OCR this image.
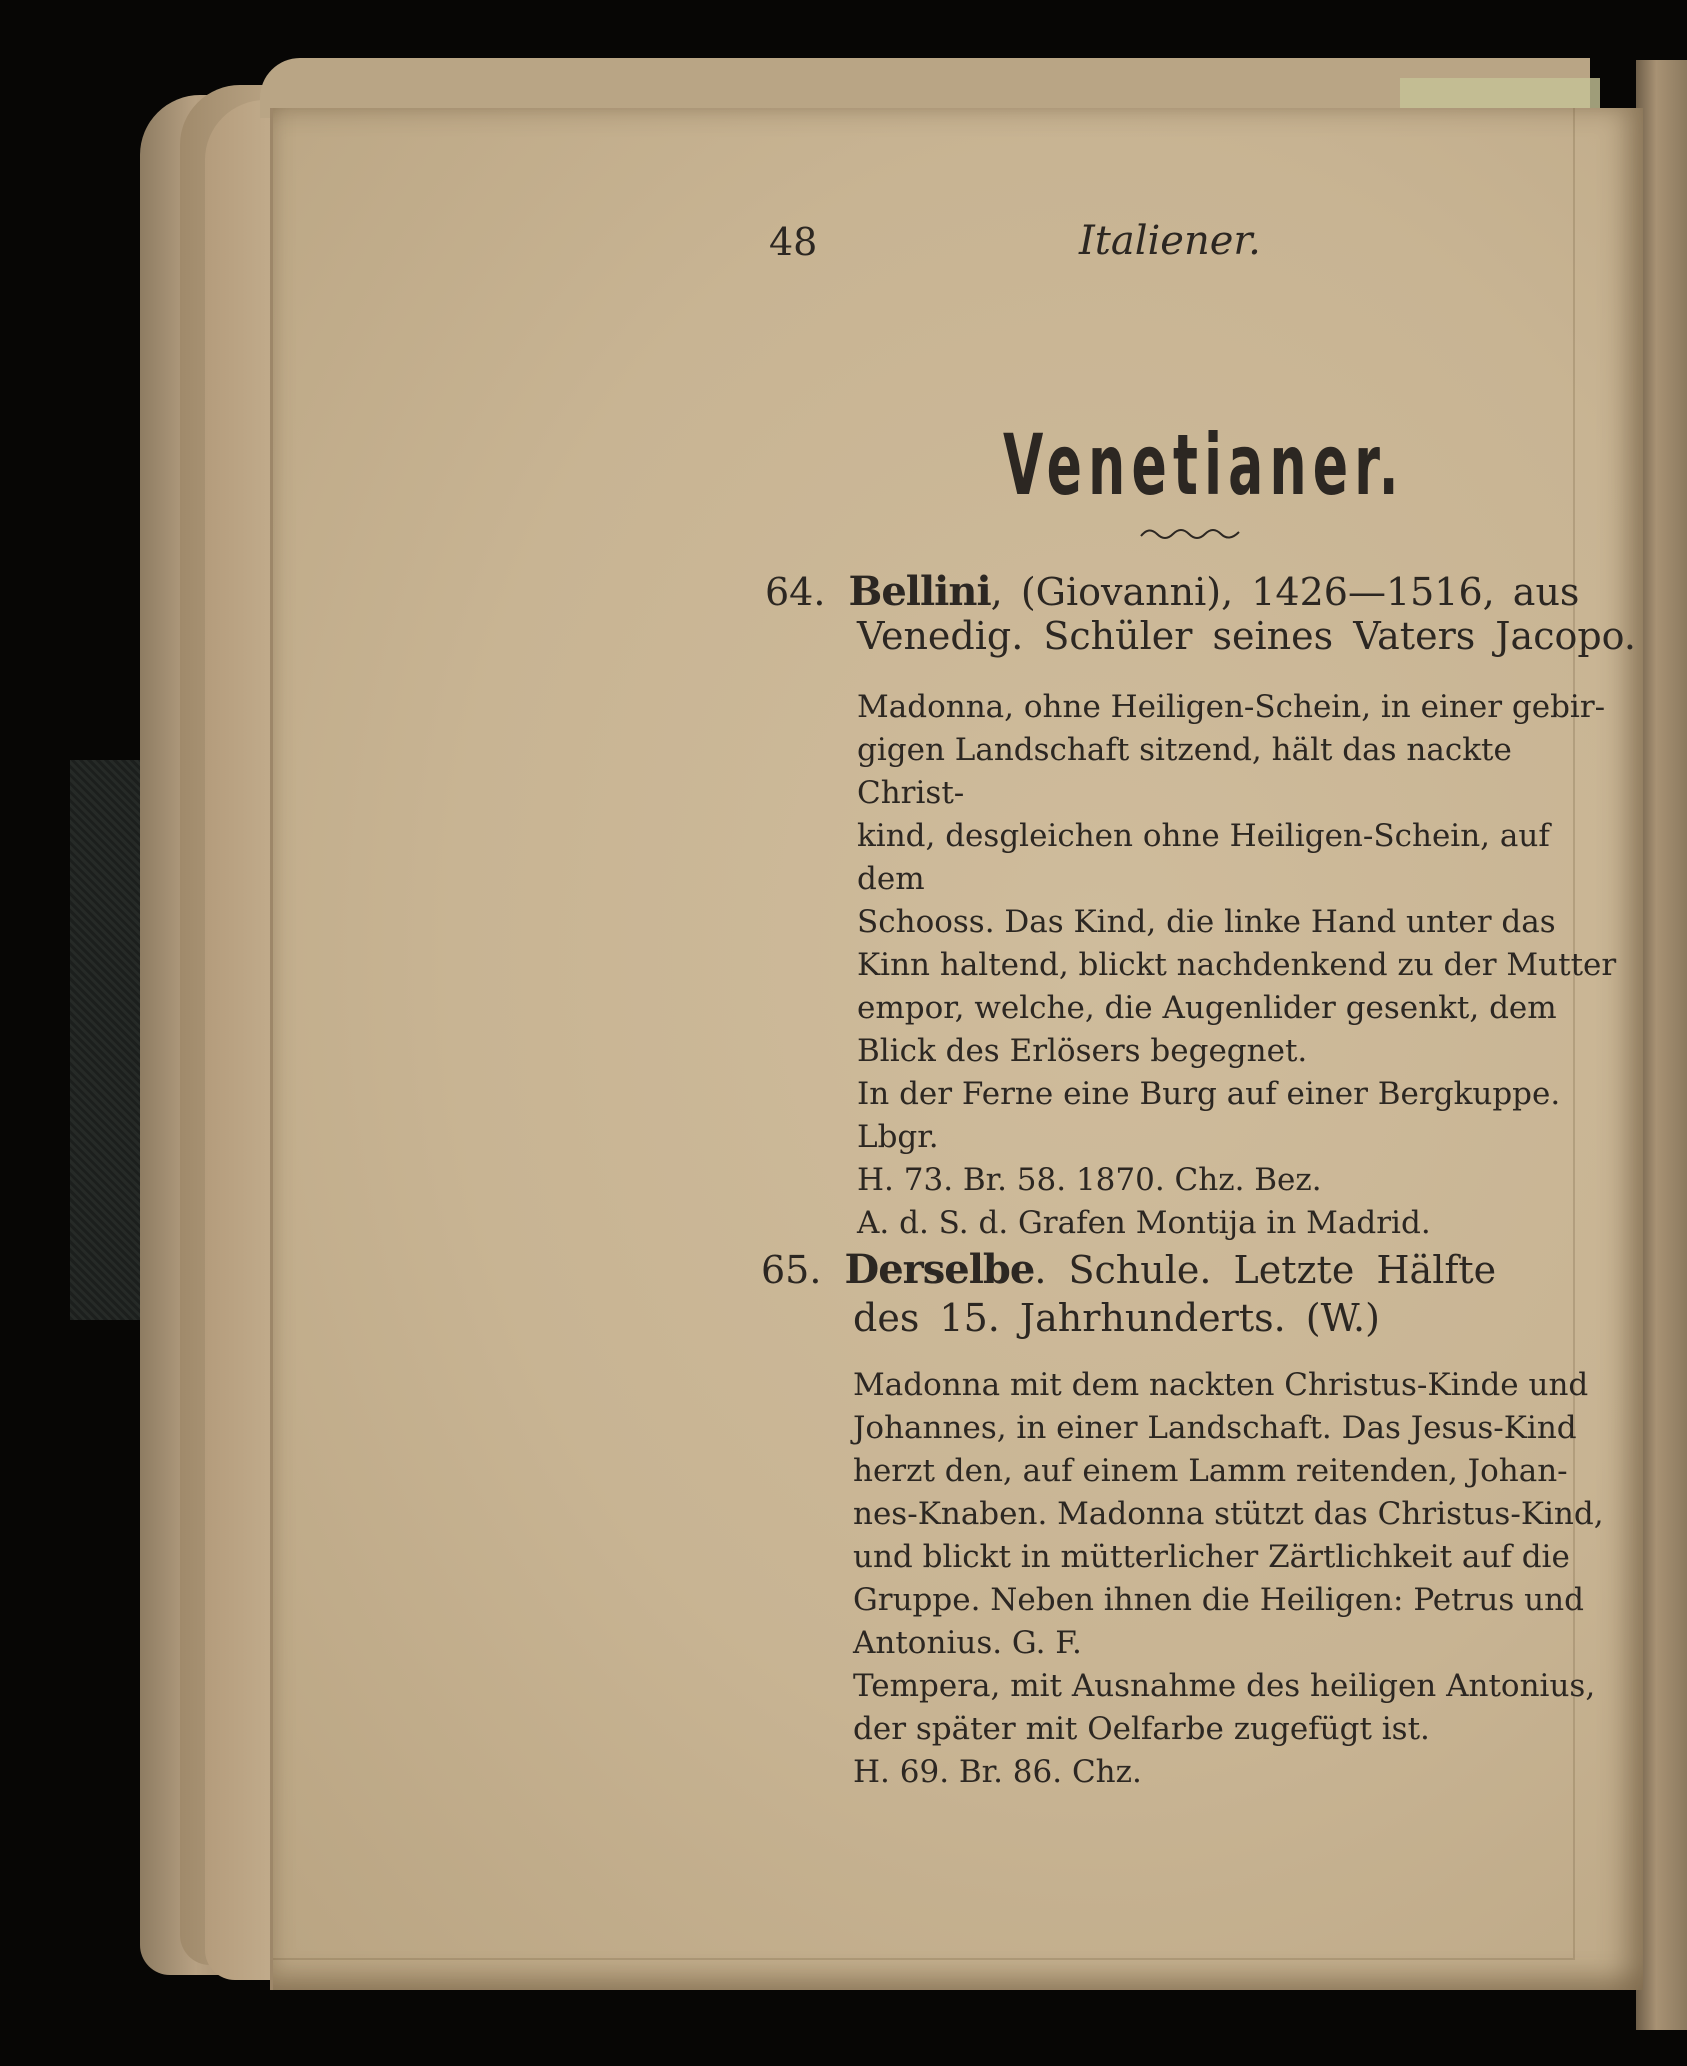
48	Italiener.
Venetianer.
64. Bellini, (Giovanni), 1426—1516, aus
Venedig. Schüler seines Vaters Jacopo.
Madonna, ohne Heiligen-Schein, in einer gebir-
gigen Landschaft sitzend, hält das nackte Christ-
kind, desgleichen ohne Heiligen-Schein, auf dem
Schooss. Das Kind, die linke Hand unter das
Kinn haltend, blickt nachdenkend zu der Mutter
empor, welche, die Augenlider gesenkt, dem
Blick des Erlösers begegnet.
In der Ferne eine Burg auf einer Bergkuppe.
Lbgr.
H. 73. Br. 58. 1870. Chz. Bez.
A. d. S. d. Grafen Montija in Madrid.
65. Derselbe. Schule. Letzte Hälfte
des 15. Jahrhunderts. (W.)
Madonna mit dem nackten Christus-Kinde und
Johannes, in einer Landschaft. Das Jesus-Kind
herzt den, auf einem Lamm reitenden, Johan-
nes-Knaben. Madonna stützt das Christus-Kind,
und blickt in mütterlicher Zärtlichkeit auf die
Gruppe. Neben ihnen die Heiligen: Petrus und
Antonius. G. F.
Tempera, mit Ausnahme des heiligen Antonius,
der später mit Oelfarbe zugefügt ist.
H. 69. Br. 86. Chz.
